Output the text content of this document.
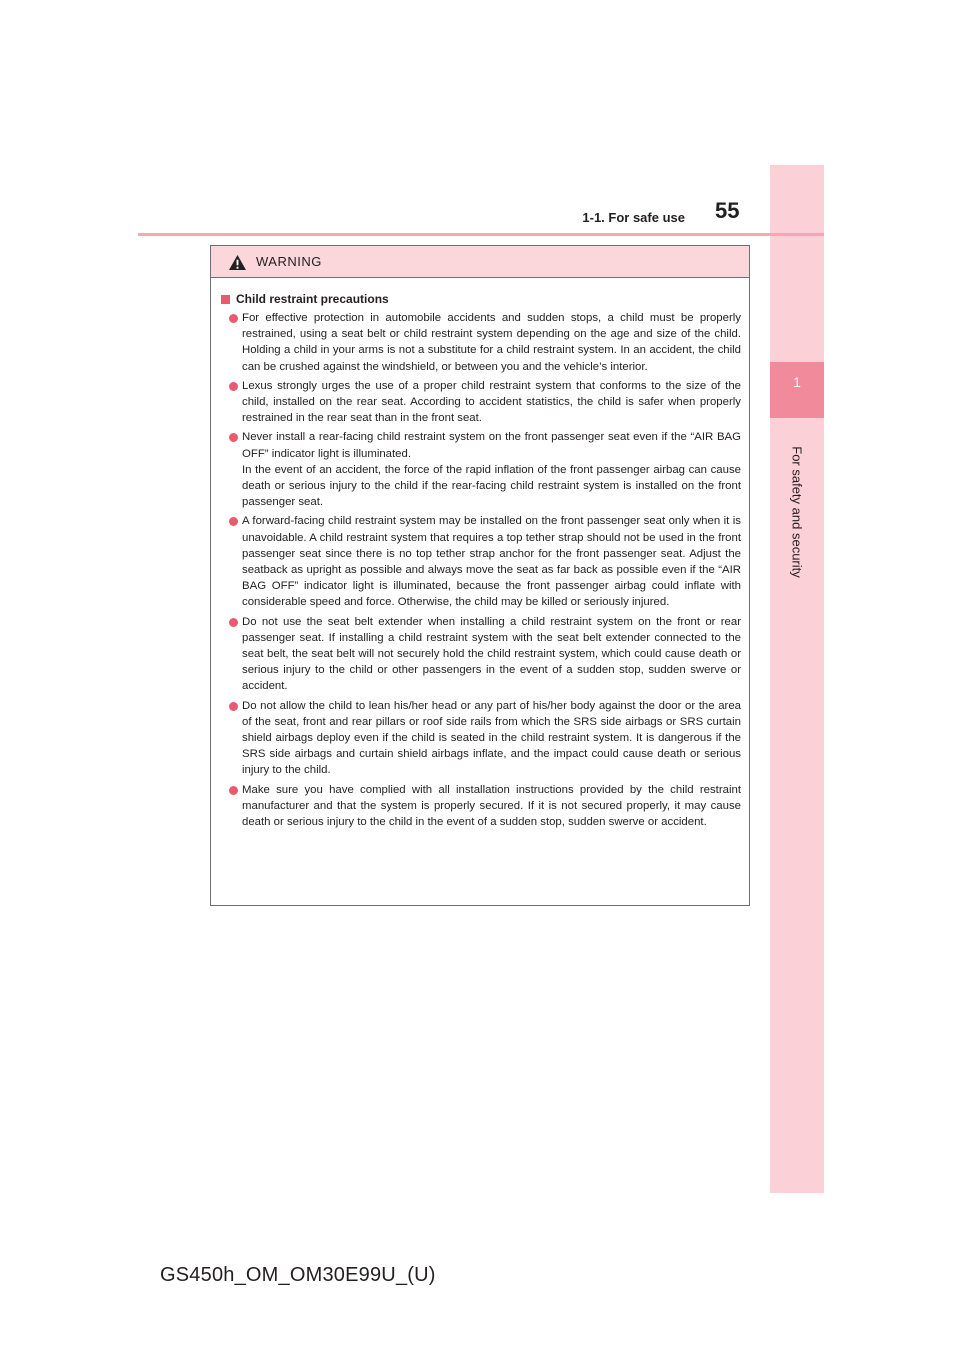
1
For safety and security
1-1. For safe use 55
WARNING
Child restraint precautions
For effective protection in automobile accidents and sudden stops, a child must be properly restrained, using a seat belt or child restraint system depending on the age and size of the child. Holding a child in your arms is not a substitute for a child restraint system. In an accident, the child can be crushed against the windshield, or between you and the vehicle’s interior.
Lexus strongly urges the use of a proper child restraint system that conforms to the size of the child, installed on the rear seat. According to accident statistics, the child is safer when properly restrained in the rear seat than in the front seat.
Never install a rear-facing child restraint system on the front passenger seat even if the “AIR BAG OFF” indicator light is illuminated.
In the event of an accident, the force of the rapid inflation of the front passenger airbag can cause death or serious injury to the child if the rear-facing child restraint system is installed on the front passenger seat.
A forward-facing child restraint system may be installed on the front passenger seat only when it is unavoidable. A child restraint system that requires a top tether strap should not be used in the front passenger seat since there is no top tether strap anchor for the front passenger seat. Adjust the seatback as upright as possible and always move the seat as far back as possible even if the “AIR BAG OFF” indicator light is illuminated, because the front passenger airbag could inflate with considerable speed and force. Otherwise, the child may be killed or seriously injured.
Do not use the seat belt extender when installing a child restraint system on the front or rear passenger seat. If installing a child restraint system with the seat belt extender connected to the seat belt, the seat belt will not securely hold the child restraint system, which could cause death or serious injury to the child or other passengers in the event of a sudden stop, sudden swerve or accident.
Do not allow the child to lean his/her head or any part of his/her body against the door or the area of the seat, front and rear pillars or roof side rails from which the SRS side airbags or SRS curtain shield airbags deploy even if the child is seated in the child restraint system. It is dangerous if the SRS side airbags and curtain shield airbags inflate, and the impact could cause death or serious injury to the child.
Make sure you have complied with all installation instructions provided by the child restraint manufacturer and that the system is properly secured. If it is not secured properly, it may cause death or serious injury to the child in the event of a sudden stop, sudden swerve or accident.
GS450h_OM_OM30E99U_(U)
